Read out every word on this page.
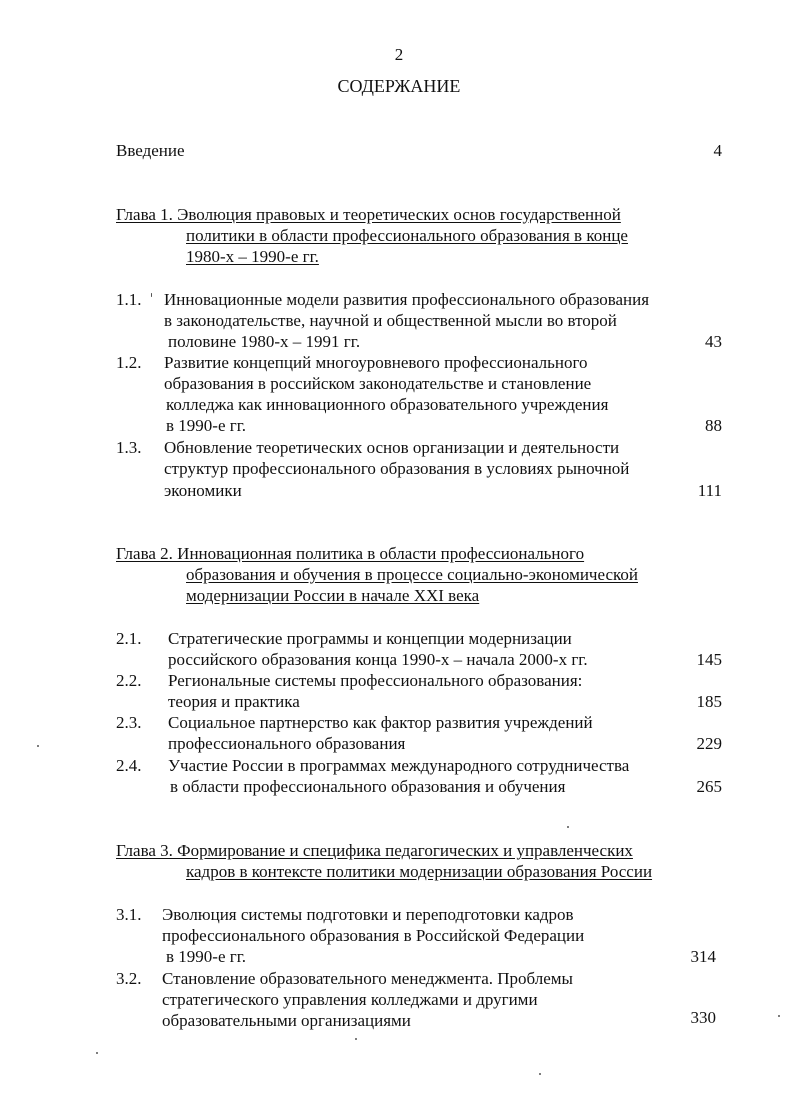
2
СОДЕРЖАНИЕ
Введение	4
Глава 1. Эволюция правовых и теоретических основ государственной
политики в области профессионального образования в конце
1980-х – 1990-е гг.
1.1. Инновационные модели развития профессионального образования
в законодательстве, научной и общественной мысли во второй
половине 1980-х – 1991 гг.	43
1.2. Развитие концепций многоуровневого профессионального
образования в российском законодательстве и становление
колледжа как инновационного образовательного учреждения
в 1990-е гг.	88
1.3. Обновление теоретических основ организации и деятельности
структур профессионального образования в условиях рыночной
экономики	111
Глава 2. Инновационная политика в области профессионального
образования и обучения в процессе социально-экономической
модернизации России в начале XXI века
2.1. Стратегические программы и концепции модернизации
российского образования конца 1990-х – начала 2000-х гг.	145
2.2. Региональные системы профессионального образования:
теория и практика	185
2.3. Социальное партнерство как фактор развития учреждений
профессионального образования	229
2.4. Участие России в программах международного сотрудничества
в области профессионального образования и обучения	265
Глава 3. Формирование и специфика педагогических и управленческих
кадров в контексте политики модернизации образования России
3.1. Эволюция системы подготовки и переподготовки кадров
профессионального образования в Российской Федерации
в 1990-е гг.	314
3.2. Становление образовательного менеджмента. Проблемы
стратегического управления колледжами и другими
образовательными организациями	330
